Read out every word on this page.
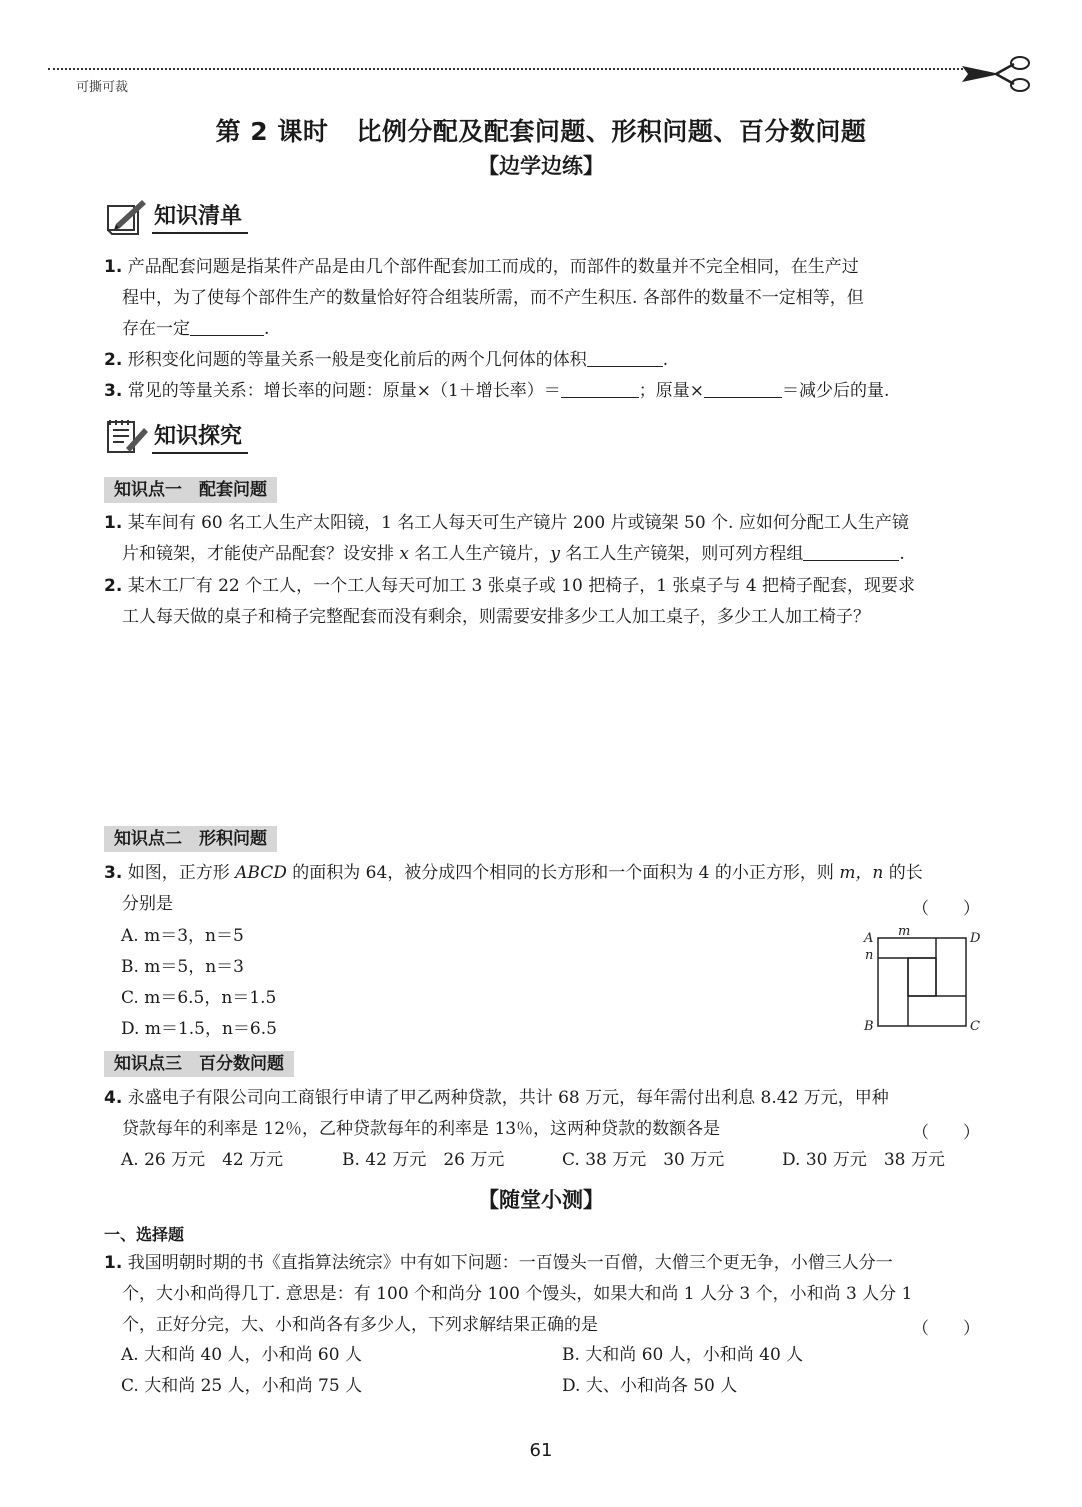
可撕可裁
第 2 课时 比例分配及配套问题、形积问题、百分数问题
【边学边练】
知识清单
1. 产品配套问题是指某件产品是由几个部件配套加工而成的，而部件的数量并不完全相同，在生产过
程中，为了使每个部件生产的数量恰好符合组装所需，而不产生积压. 各部件的数量不一定相等，但
存在一定	.
2. 形积变化问题的等量关系一般是变化前后的两个几何体的体积	.
3. 常见的等量关系：增长率的问题：原量×（1＋增长率）＝	；原量×	＝减少后的量.
知识探究
知识点一　配套问题
1. 某车间有 60 名工人生产太阳镜，1 名工人每天可生产镜片 200 片或镜架 50 个. 应如何分配工人生产镜
片和镜架，才能使产品配套？设安排 x 名工人生产镜片，y 名工人生产镜架，则可列方程组	.
2. 某木工厂有 22 个工人，一个工人每天可加工 3 张桌子或 10 把椅子，1 张桌子与 4 把椅子配套，现要求
工人每天做的桌子和椅子完整配套而没有剩余，则需要安排多少工人加工桌子，多少工人加工椅子？
知识点二　形积问题
3. 如图，正方形 ABCD 的面积为 64，被分成四个相同的长方形和一个面积为 4 的小正方形，则 m，n 的长
分别是	（　　）
A. m＝3，n＝5
B. m＝5，n＝3
C. m＝6.5，n＝1.5
D. m＝1.5，n＝6.5
A	D
B	C
m
n
知识点三　百分数问题
4. 永盛电子有限公司向工商银行申请了甲乙两种贷款，共计 68 万元，每年需付出利息 8.42 万元，甲种
贷款每年的利率是 12％，乙种贷款每年的利率是 13％，这两种贷款的数额各是	（　　）
A. 26 万元　42 万元	B. 42 万元　26 万元	C. 38 万元　30 万元	D. 30 万元　38 万元
【随堂小测】
一、选择题
1. 我国明朝时期的书《直指算法统宗》中有如下问题：一百馒头一百僧，大僧三个更无争，小僧三人分一
个，大小和尚得几丁. 意思是：有 100 个和尚分 100 个馒头，如果大和尚 1 人分 3 个，小和尚 3 人分 1
个，正好分完，大、小和尚各有多少人，下列求解结果正确的是	（　　）
A. 大和尚 40 人，小和尚 60 人	B. 大和尚 60 人，小和尚 40 人
C. 大和尚 25 人，小和尚 75 人	D. 大、小和尚各 50 人
61
